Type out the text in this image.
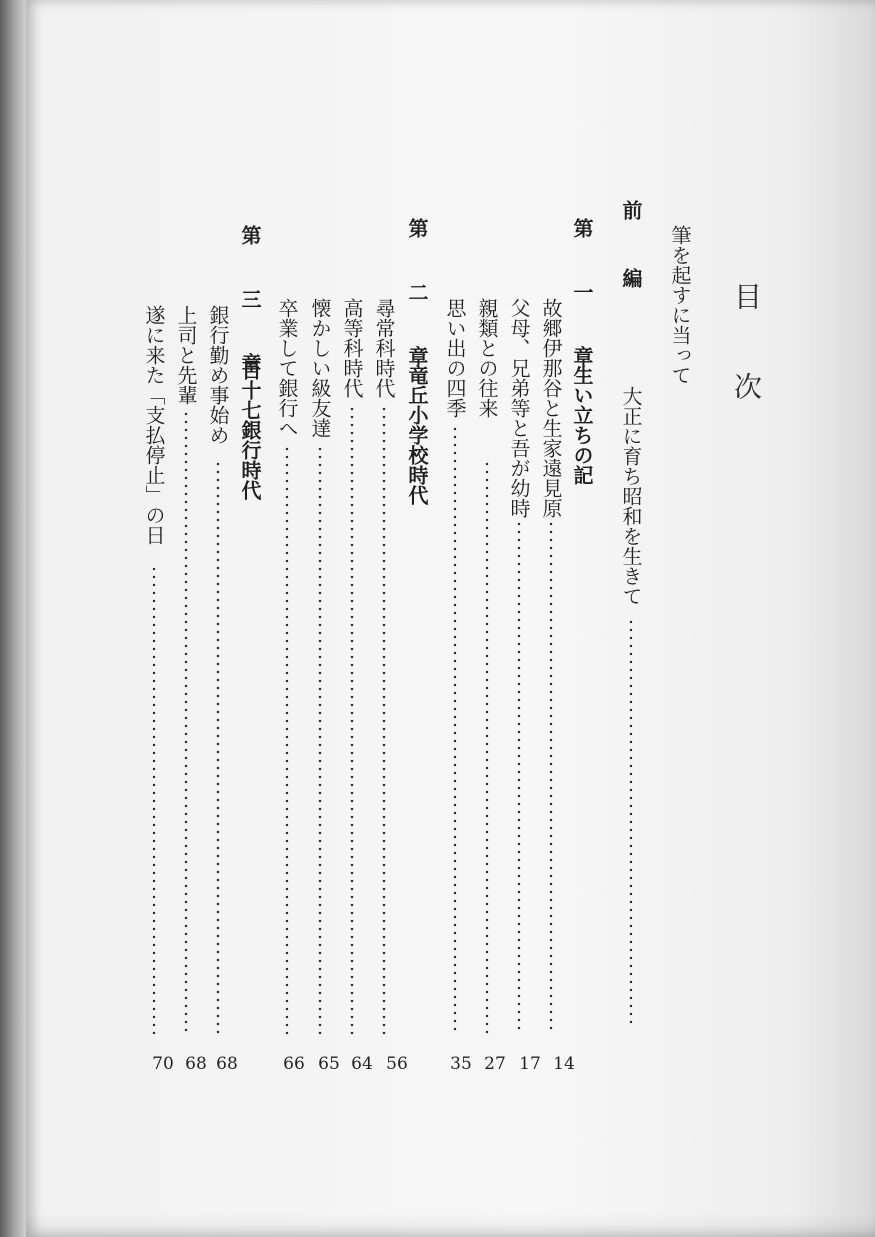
目次
筆を起すに当って
前　編
大正に育ち昭和を生きて
第　一　章
生い立ちの記
故郷伊那谷と生家遠見原
14
父母、兄弟等と吾が幼時
17
親類との往来
27
思い出の四季
35
第　二　章
竜丘小学校時代
尋常科時代
56
高等科時代
64
懐かしい級友達
65
卒業して銀行へ
66
第　三　章
百十七銀行時代
銀行勤め事始め
68
上司と先輩
68
遂に来た「支払停止」の日
70
